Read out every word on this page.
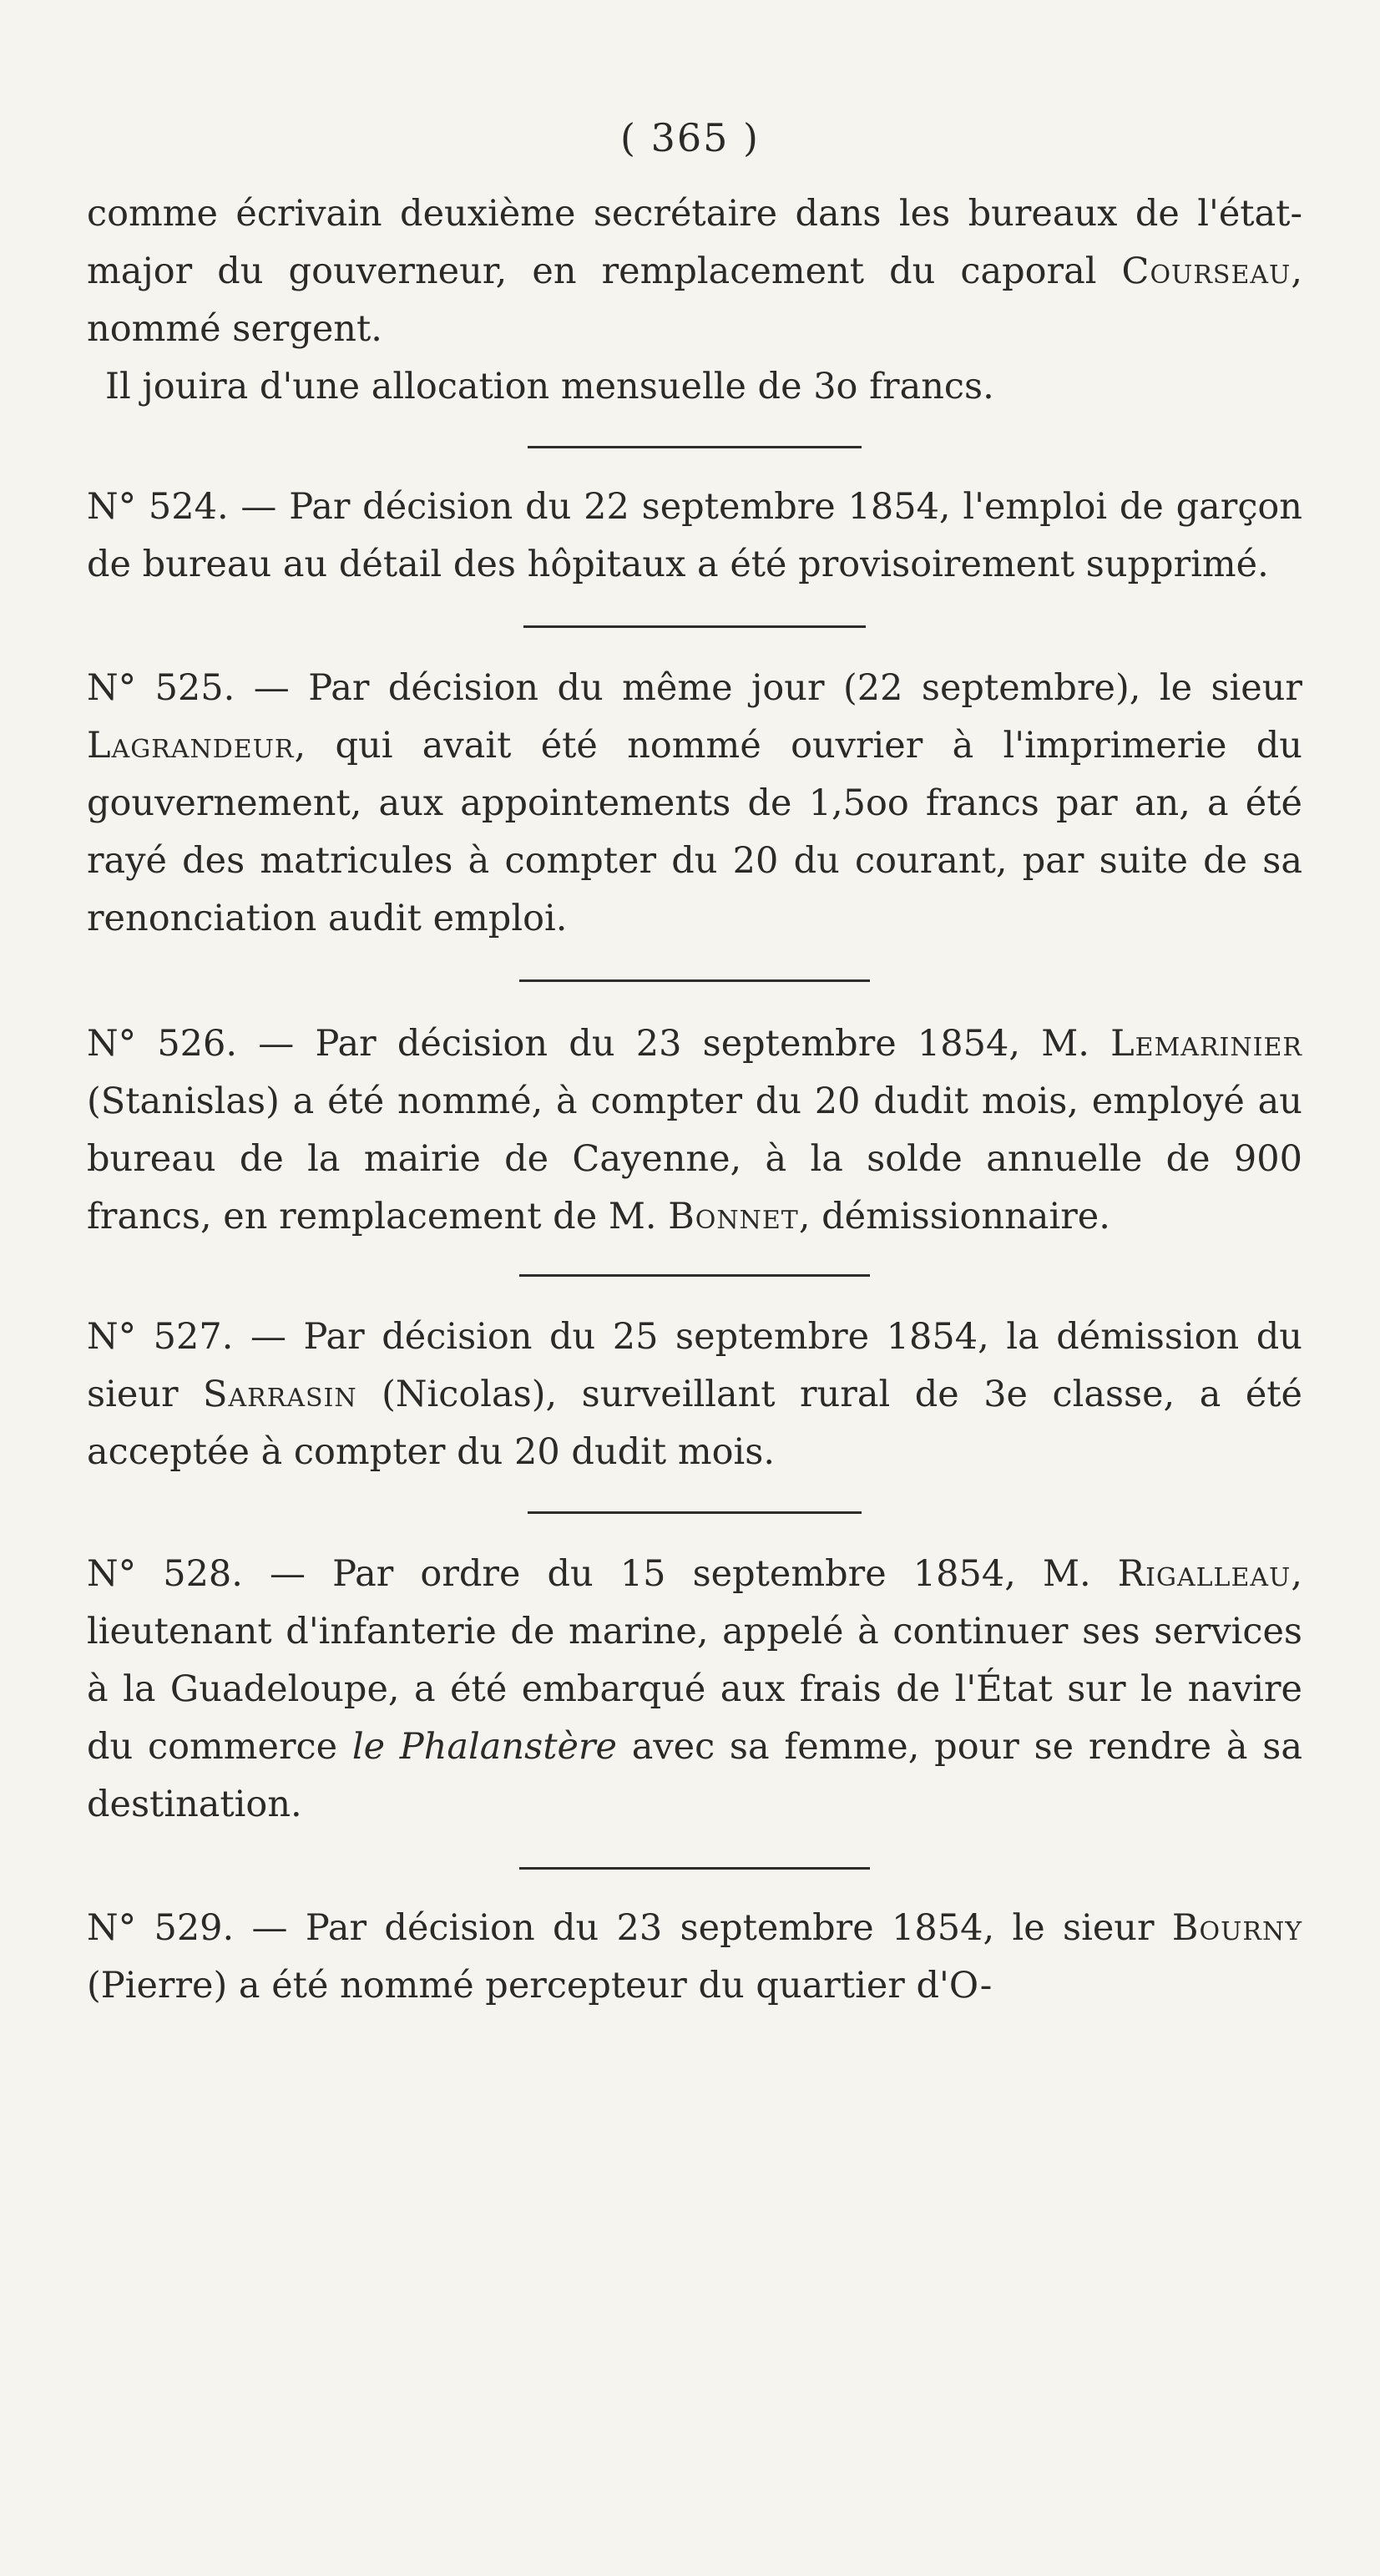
( 365 )

comme écrivain deuxième secrétaire dans les bureaux de l'état-major du gouverneur, en remplacement du caporal Courseau, nommé sergent.

Il jouira d'une allocation mensuelle de 3o francs.

N° 524. — Par décision du 22 septembre 1854, l'emploi de garçon de bureau au détail des hôpitaux a été provisoirement supprimé.

N° 525. — Par décision du même jour (22 septembre), le sieur Lagrandeur, qui avait été nommé ouvrier à l'imprimerie du gouvernement, aux appointements de 1,5oo francs par an, a été rayé des matricules à compter du 20 du courant, par suite de sa renonciation audit emploi.

N° 526. — Par décision du 23 septembre 1854, M. Lemarinier (Stanislas) a été nommé, à compter du 20 dudit mois, employé au bureau de la mairie de Cayenne, à la solde annuelle de 900 francs, en remplacement de M. Bonnet, démissionnaire.

N° 527. — Par décision du 25 septembre 1854, la démission du sieur Sarrasin (Nicolas), surveillant rural de 3e classe, a été acceptée à compter du 20 dudit mois.

N° 528. — Par ordre du 15 septembre 1854, M. Rigalleau, lieutenant d'infanterie de marine, appelé à continuer ses services à la Guadeloupe, a été embarqué aux frais de l'État sur le navire du commerce le Phalanstère avec sa femme, pour se rendre à sa destination.

N° 529. — Par décision du 23 septembre 1854, le sieur Bourny (Pierre) a été nommé percepteur du quartier d'O-
